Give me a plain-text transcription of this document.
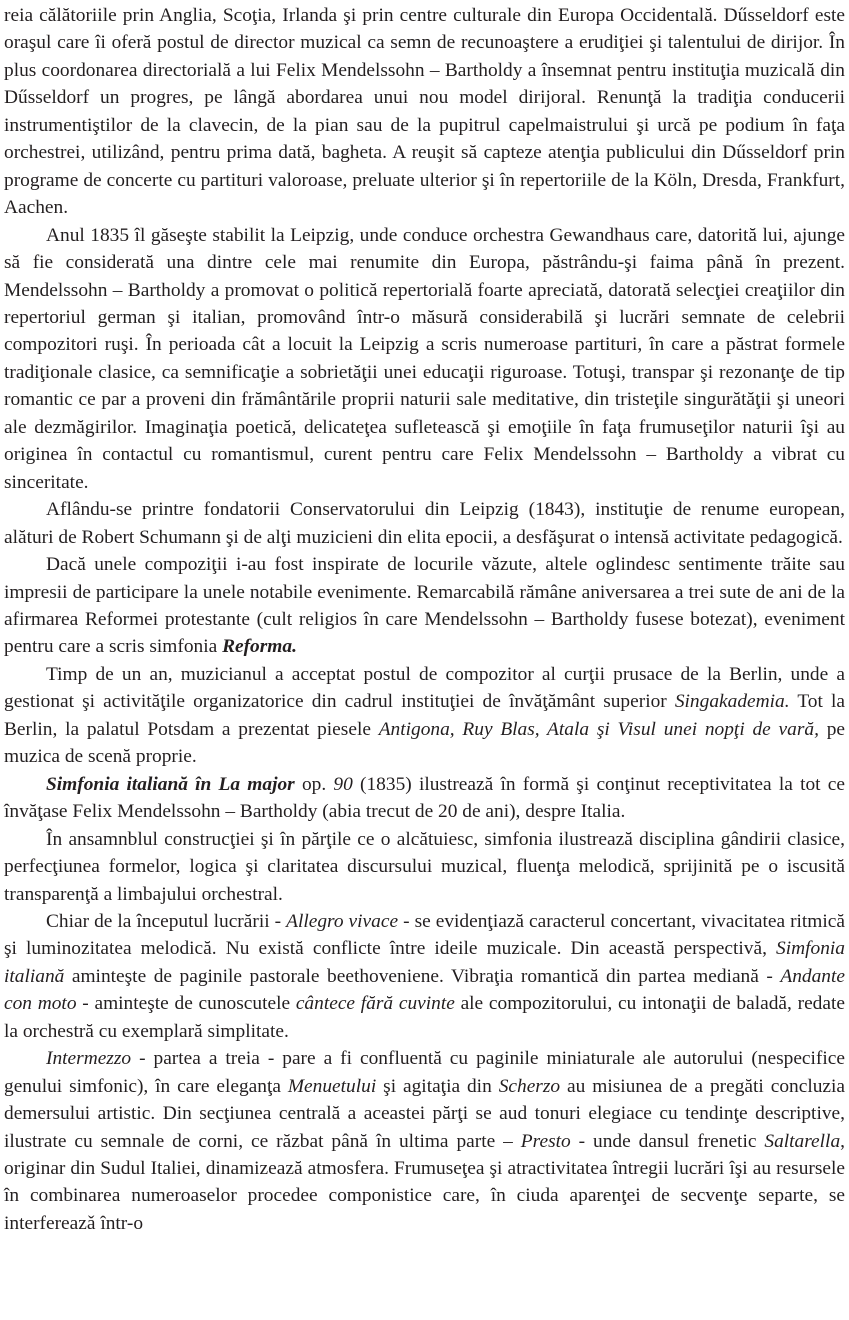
reia călătoriile prin Anglia, Scoţia, Irlanda şi prin centre culturale din Europa Occidentală. Dűsseldorf este oraşul care îi oferă postul de director muzical ca semn de recunoaştere a erudiţiei şi talentului de dirijor. În plus coordonarea directorială a lui Felix Mendelssohn – Bartholdy a însemnat pentru instituţia muzicală din Dűsseldorf un progres, pe lângă abordarea unui nou model dirijoral. Renunţă la tradiţia conducerii instrumentiştilor de la clavecin, de la pian sau de la pupitrul capelmaistrului şi urcă pe podium în faţa orchestrei, utilizând, pentru prima dată, bagheta. A reuşit să capteze atenţia publicului din Dűsseldorf prin programe de concerte cu partituri valoroase, preluate ulterior şi în repertoriile de la Köln, Dresda, Frankfurt, Aachen.

Anul 1835 îl găseşte stabilit la Leipzig, unde conduce orchestra Gewandhaus care, datorită lui, ajunge să fie considerată una dintre cele mai renumite din Europa, păstrându-şi faima până în prezent. Mendelssohn – Bartholdy a promovat o politică repertorială foarte apreciată, datorată selecţiei creaţiilor din repertoriul german şi italian, promovând într-o măsură considerabilă şi lucrări semnate de celebrii compozitori ruşi. În perioada cât a locuit la Leipzig a scris numeroase partituri, în care a păstrat formele tradiţionale clasice, ca semnificaţie a sobrietăţii unei educaţii riguroase. Totuşi, transpar şi rezonanţe de tip romantic ce par a proveni din frământările proprii naturii sale meditative, din tristeţile singurătăţii şi uneori ale dezmăgirilor. Imaginaţia poetică, delicateţea sufletească şi emoţiile în faţa frumuseţilor naturii îşi au originea în contactul cu romantismul, curent pentru care Felix Mendelssohn – Bartholdy a vibrat cu sinceritate.

Aflându-se printre fondatorii Conservatorului din Leipzig (1843), instituţie de renume european, alături de Robert Schumann şi de alţi muzicieni din elita epocii, a desfăşurat o intensă activitate pedagogică.

Dacă unele compoziţii i-au fost inspirate de locurile văzute, altele oglindesc sentimente trăite sau impresii de participare la unele notabile evenimente. Remarcabilă rămâne aniversarea a trei sute de ani de la afirmarea Reformei protestante (cult religios în care Mendelssohn – Bartholdy fusese botezat), eveniment pentru care a scris simfonia Reforma.

Timp de un an, muzicianul a acceptat postul de compozitor al curţii prusace de la Berlin, unde a gestionat şi activităţile organizatorice din cadrul instituţiei de învăţământ superior Singakademia. Tot la Berlin, la palatul Potsdam a prezentat piesele Antigona, Ruy Blas, Atala şi Visul unei nopţi de vară, pe muzica de scenă proprie.

Simfonia italiană în La major op. 90 (1835) ilustrează în formă şi conţinut receptivitatea la tot ce învăţase Felix Mendelssohn – Bartholdy (abia trecut de 20 de ani), despre Italia.

În ansamnblul construcţiei şi în părţile ce o alcătuiesc, simfonia ilustrează disciplina gândirii clasice, perfecţiunea formelor, logica şi claritatea discursului muzical, fluenţa melodică, sprijinită pe o iscusită transparenţă a limbajului orchestral.

Chiar de la începutul lucrării - Allegro vivace - se evidenţiază caracterul concertant, vivacitatea ritmică şi luminozitatea melodică. Nu există conflicte între ideile muzicale. Din această perspectivă, Simfonia italiană aminteşte de paginile pastorale beethoveniene. Vibraţia romantică din partea mediană - Andante con moto - aminteşte de cunoscutele cântece fără cuvinte ale compozitorului, cu intonaţii de baladă, redate la orchestră cu exemplară simplitate.

Intermezzo - partea a treia - pare a fi confluentă cu paginile miniaturale ale autorului (nespecifice genului simfonic), în care eleganţa Menuetului şi agitaţia din Scherzo au misiunea de a pregăti concluzia demersului artistic. Din secţiunea centrală a aceastei părţi se aud tonuri elegiace cu tendinţe descriptive, ilustrate cu semnale de corni, ce răzbat până în ultima parte – Presto - unde dansul frenetic Saltarella, originar din Sudul Italiei, dinamizează atmosfera. Frumuseţea şi atractivitatea întregii lucrări îşi au resursele în combinarea numeroaselor procedee componistice care, în ciuda aparenţei de secvenţe separte, se interfereazǎ într-o
